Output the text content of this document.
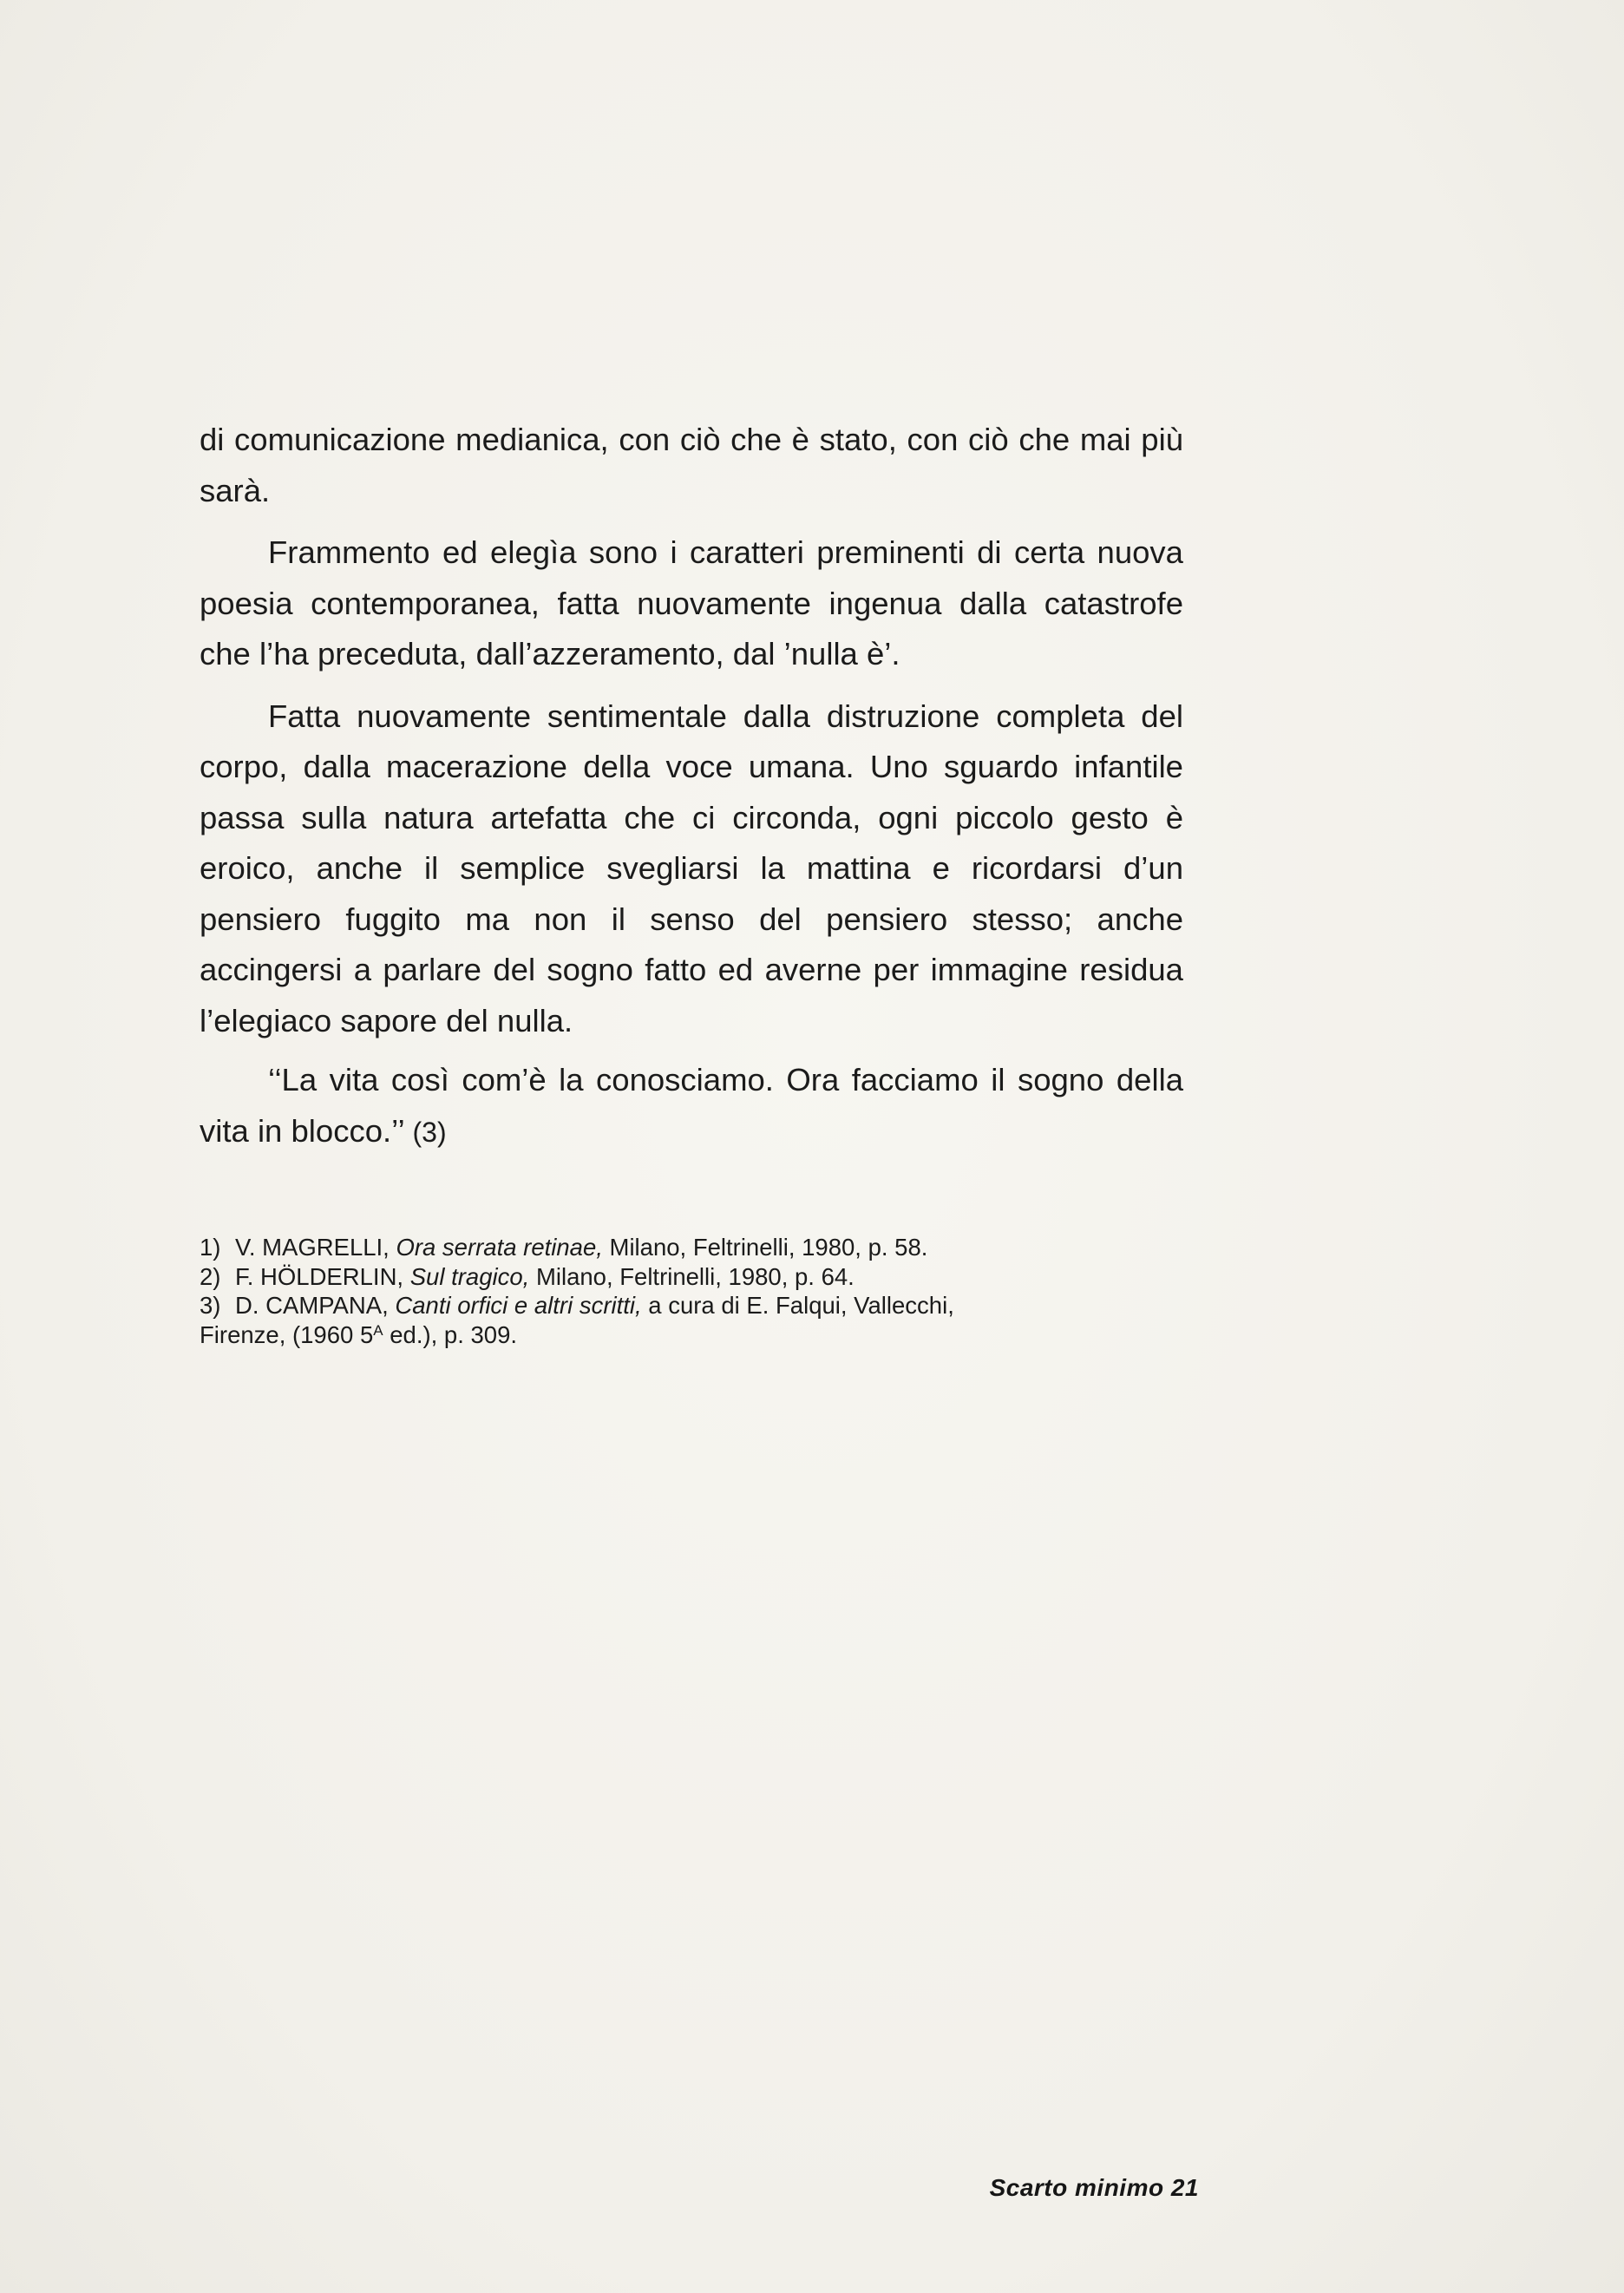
di comunicazione medianica, con ciò che è stato, con ciò che mai più sarà.

Frammento ed elegìa sono i caratteri preminenti di certa nuova poesia contemporanea, fatta nuovamente ingenua dalla catastrofe che l’ha preceduta, dall’azzeramento, dal ’nulla è’.

Fatta nuovamente sentimentale dalla distruzione completa del corpo, dalla macerazione della voce umana. Uno sguardo infantile passa sulla natura artefatta che ci circonda, ogni piccolo gesto è eroico, anche il semplice svegliarsi la mattina e ricordarsi d’un pensiero fuggito ma non il senso del pensiero stesso; anche accingersi a parlare del sogno fatto ed averne per immagine residua l’elegiaco sapore del nulla.

‘‘La vita così com’è la conosciamo. Ora facciamo il sogno della vita in blocco.’’ (3)

1) V. MAGRELLI, Ora serrata retinae, Milano, Feltrinelli, 1980, p. 58.
2) F. HÖLDERLIN, Sul tragico, Milano, Feltrinelli, 1980, p. 64.
3) D. CAMPANA, Canti orfici e altri scritti, a cura di E. Falqui, Vallecchi,
Firenze, (1960 $5^A$ ed.), p. 309.
Scarto minimo 21
